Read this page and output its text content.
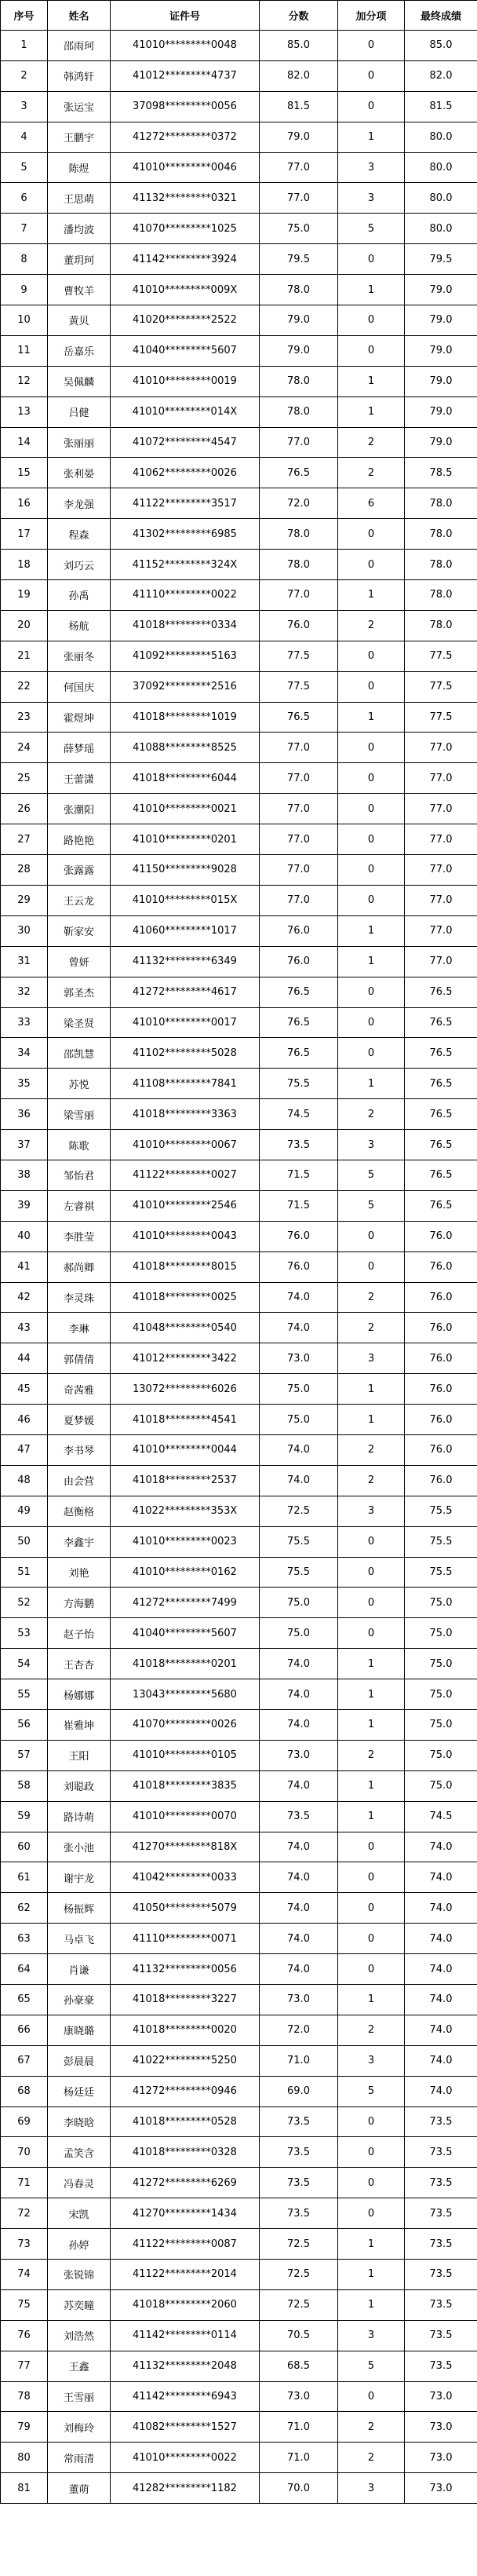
序号	姓名	证件号	分数	加分项	最终成绩
1	邵雨珂	41010*********0048	85.0	0	85.0
2	韩鸿轩	41012*********4737	82.0	0	82.0
3	张运宝	37098*********0056	81.5	0	81.5
4	王鹏宇	41272*********0372	79.0	1	80.0
5	陈煜	41010*********0046	77.0	3	80.0
6	王思萌	41132*********0321	77.0	3	80.0
7	潘均波	41070*********1025	75.0	5	80.0
8	董玥珂	41142*********3924	79.5	0	79.5
9	曹牧羊	41010*********009X	78.0	1	79.0
10	黄贝	41020*********2522	79.0	0	79.0
11	岳嘉乐	41040*********5607	79.0	0	79.0
12	吴佩麟	41010*********0019	78.0	1	79.0
13	吕健	41010*********014X	78.0	1	79.0
14	张丽丽	41072*********4547	77.0	2	79.0
15	张利晏	41062*********0026	76.5	2	78.5
16	李龙强	41122*********3517	72.0	6	78.0
17	程森	41302*********6985	78.0	0	78.0
18	刘巧云	41152*********324X	78.0	0	78.0
19	孙禹	41110*********0022	77.0	1	78.0
20	杨航	41018*********0334	76.0	2	78.0
21	张丽冬	41092*********5163	77.5	0	77.5
22	何国庆	37092*********2516	77.5	0	77.5
23	霍煜坤	41018*********1019	76.5	1	77.5
24	薛梦瑶	41088*********8525	77.0	0	77.0
25	王蕾潇	41018*********6044	77.0	0	77.0
26	张潮阳	41010*********0021	77.0	0	77.0
27	路艳艳	41010*********0201	77.0	0	77.0
28	张露露	41150*********9028	77.0	0	77.0
29	王云龙	41010*********015X	77.0	0	77.0
30	靳家安	41060*********1017	76.0	1	77.0
31	曾妍	41132*********6349	76.0	1	77.0
32	郭圣杰	41272*********4617	76.5	0	76.5
33	梁圣贤	41010*********0017	76.5	0	76.5
34	邵凯慧	41102*********5028	76.5	0	76.5
35	苏悦	41108*********7841	75.5	1	76.5
36	梁雪丽	41018*********3363	74.5	2	76.5
37	陈歌	41010*********0067	73.5	3	76.5
38	邹怡君	41122*********0027	71.5	5	76.5
39	左睿祺	41010*********2546	71.5	5	76.5
40	李胜莹	41010*********0043	76.0	0	76.0
41	郝尚卿	41018*********8015	76.0	0	76.0
42	李灵珠	41018*********0025	74.0	2	76.0
43	李琳	41048*********0540	74.0	2	76.0
44	郭倩倩	41012*********3422	73.0	3	76.0
45	奇茜雅	13072*********6026	75.0	1	76.0
46	夏梦媛	41018*********4541	75.0	1	76.0
47	李书琴	41010*********0044	74.0	2	76.0
48	由会营	41018*********2537	74.0	2	76.0
49	赵衡格	41022*********353X	72.5	3	75.5
50	李鑫宇	41010*********0023	75.5	0	75.5
51	刘艳	41010*********0162	75.5	0	75.5
52	方海鹏	41272*********7499	75.0	0	75.0
53	赵子怡	41040*********5607	75.0	0	75.0
54	王杏杏	41018*********0201	74.0	1	75.0
55	杨娜娜	13043*********5680	74.0	1	75.0
56	崔雅坤	41070*********0026	74.0	1	75.0
57	王阳	41010*********0105	73.0	2	75.0
58	刘聪政	41018*********3835	74.0	1	75.0
59	路诗萌	41010*********0070	73.5	1	74.5
60	张小池	41270*********818X	74.0	0	74.0
61	谢宇龙	41042*********0033	74.0	0	74.0
62	杨振辉	41050*********5079	74.0	0	74.0
63	马卓飞	41110*********0071	74.0	0	74.0
64	肖谦	41132*********0056	74.0	0	74.0
65	孙豪豪	41018*********3227	73.0	1	74.0
66	康晓璐	41018*********0020	72.0	2	74.0
67	彭晨晨	41022*********5250	71.0	3	74.0
68	杨廷廷	41272*********0946	69.0	5	74.0
69	李晓晗	41018*********0528	73.5	0	73.5
70	孟笑含	41018*********0328	73.5	0	73.5
71	冯春灵	41272*********6269	73.5	0	73.5
72	宋凯	41270*********1434	73.5	0	73.5
73	孙婷	41122*********0087	72.5	1	73.5
74	张锐锦	41122*********2014	72.5	1	73.5
75	苏奕瞳	41018*********2060	72.5	1	73.5
76	刘浩然	41142*********0114	70.5	3	73.5
77	王鑫	41132*********2048	68.5	5	73.5
78	王雪丽	41142*********6943	73.0	0	73.0
79	刘梅玲	41082*********1527	71.0	2	73.0
80	常雨清	41010*********0022	71.0	2	73.0
81	董萌	41282*********1182	70.0	3	73.0
